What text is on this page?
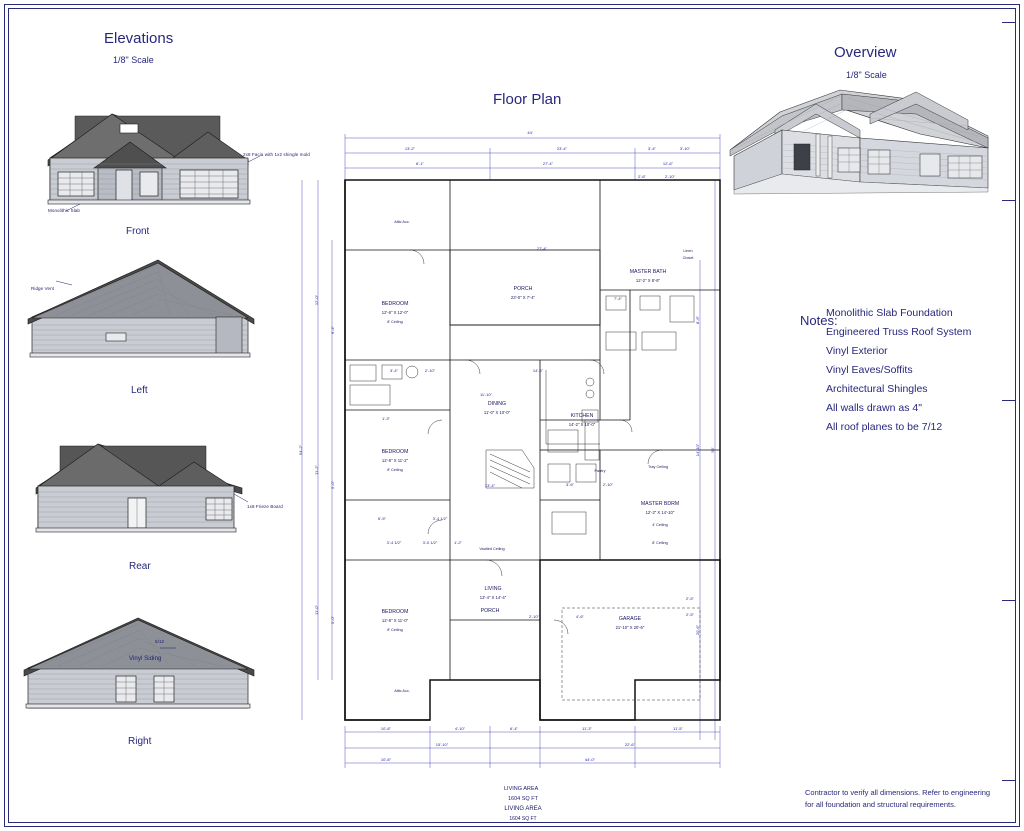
Elevations
1/8" Scale
Floor Plan
Overview
1/8" Scale
2x8 Facia with 1x2 shingle mold
Monolithic Slab
Front
Ridge Vent
Left
1x8 Frieze Board
Rear
5/12
Vinyl Siding
Right
Notes:
Monolithic Slab Foundation
Engineered Truss Roof System
Vinyl Exterior
Vinyl Eaves/Soffits
Architectural Shingles
All walls drawn as 4"
All roof planes to be 7/12
Contractor to verify all dimensions. Refer to engineering
for all foundation and structural requirements.
44'
13'-2"	23'-4"	3'-4"	3'-10"
6'-1"	27'-4"	12'-6"
2'-6"	2'-10"
54'-2"
12'-0"
11'-2"
11'-0"
9'-4"
5'-0"
5'-0"
56'
8'-6"
14'-10"
20'-6"
10'-8"	4'-10"	6'-4"	11'-3"	11'-5"
15'-10"	22'-6"
10'-8"	44'-0"
BEDROOM
12'-6" X 12'-0"
8' Ceiling
BEDROOM
12'-6" X 11'-2"
8' Ceiling
BEDROOM
12'-6" X 11'-0"
8' Ceiling
PORCH
23'-0" X 7'-4"
DINING
11'-0" X 10'-0"
KITCHEN
14'-2" X 10'-0"
LIVING
13'-4" X 14'-4"
MASTER BATH
12'-2" X 8'-6"
MASTER BDRM
12'-2" X 14'-10"
8' Ceiling
4' Ceiling
GARAGE
21'-10" X 20'-6"
PORCH
Linen
Closet
Pantry
Tray Ceiling
Vaulted Ceiling
Attic Acc.
Attic Acc.
27'-4"
7'-4"
14'-6"
11'-10"
13'-4"
6'-5"	3'-4 1/2"
3'-4 1/2"	3'-0 1/2"	1'-2"
1'-3"
3'-6"	2'-10"
2'-10"	4'-6"
2'-5"
2'-5"
3'-4"	2'-10"
LIVING AREA
1604 SQ FT
LIVING AREA
1604 SQ FT
